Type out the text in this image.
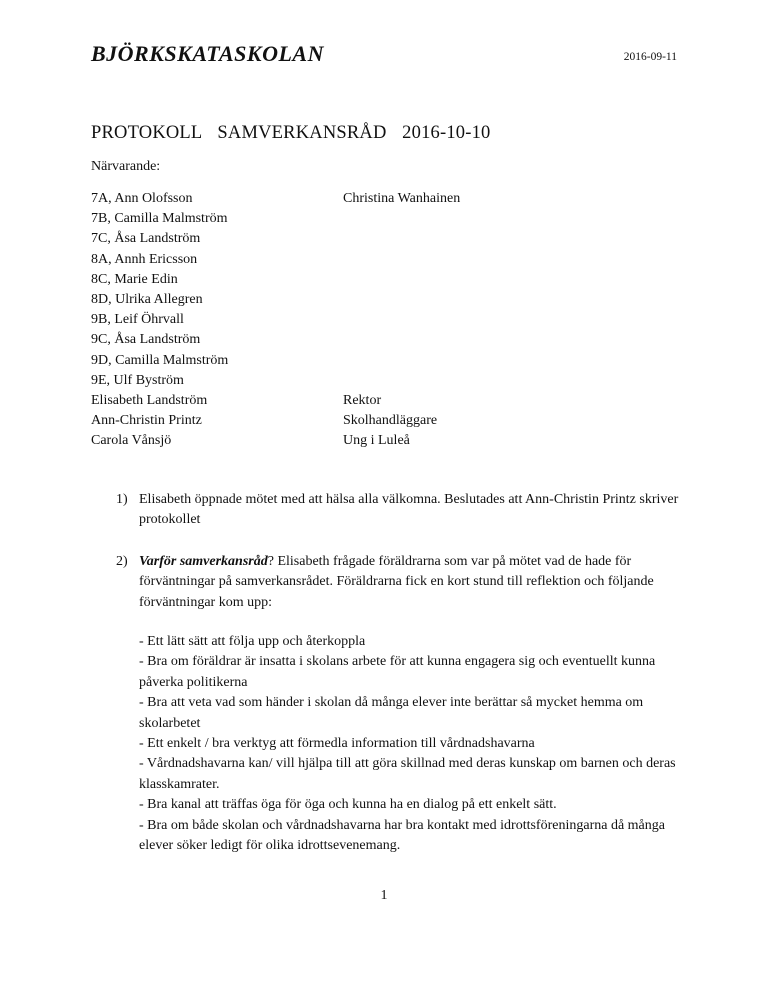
BJÖRKSKATASKOLAN	2016-09-11
PROTOKOLL  SAMVERKANSRÅD  2016-10-10
Närvarande:
7A, Ann Olofsson	Christina Wanhainen
7B, Camilla Malmström
7C, Åsa Landström
8A, Annh Ericsson
8C, Marie Edin
8D, Ulrika Allegren
9B, Leif Öhrvall
9C, Åsa Landström
9D, Camilla Malmström
9E, Ulf Byström
Elisabeth Landström	Rektor
Ann-Christin Printz	Skolhandläggare
Carola Vånsjö	Ung i Luleå
1) Elisabeth öppnade mötet med att hälsa alla välkomna. Beslutades att Ann-Christin Printz skriver protokollet
2) Varför samverkansråd? Elisabeth frågade föräldrarna som var på mötet vad de hade för förväntningar på samverkansrådet. Föräldrarna fick en kort stund till reflektion och följande förväntningar kom upp:

- Ett lätt sätt att följa upp och återkoppla

- Bra om föräldrar är insatta i skolans arbete för att kunna engagera sig och eventuellt kunna påverka politikerna

- Bra att veta vad som händer i skolan då många elever inte berättar så mycket hemma om skolarbetet

- Ett enkelt / bra verktyg att förmedla information till vårdnadshavarna

- Vårdnadshavarna kan/ vill hjälpa till att göra skillnad med deras kunskap om barnen och deras klasskamrater.

- Bra kanal att träffas öga för öga och kunna ha en dialog på ett enkelt sätt.

- Bra om både skolan och vårdnadshavarna har bra kontakt med idrottsföreningarna då många elever söker ledigt för olika idrottsevenemang.

1
